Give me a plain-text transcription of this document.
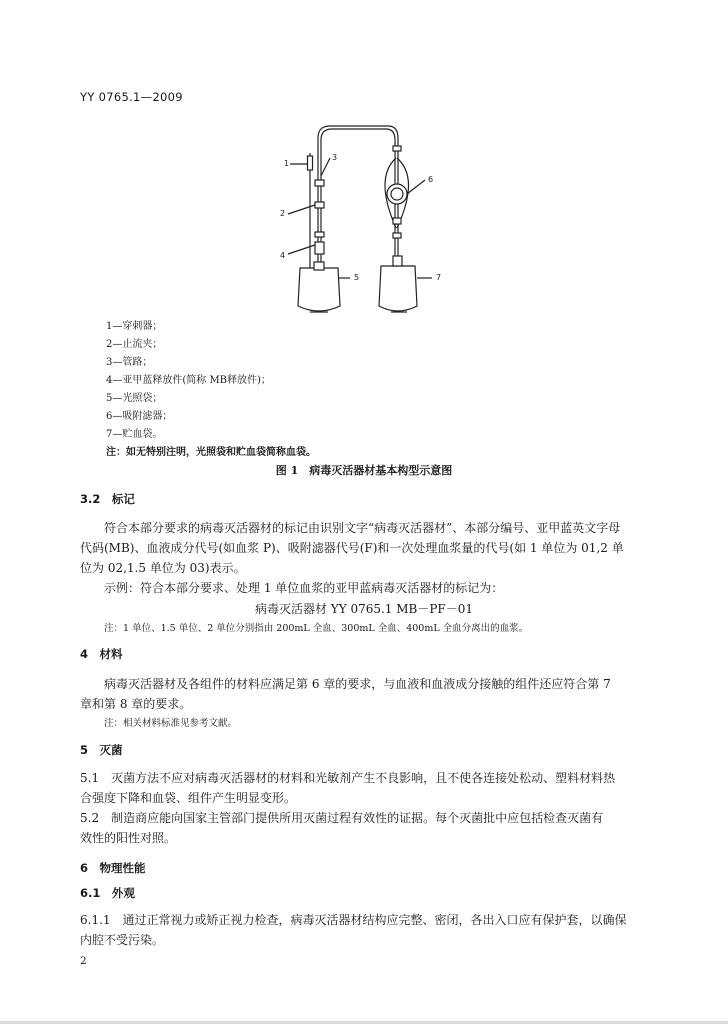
YY 0765.1—2009
1
3
2
4
5
6
7
1—穿刺器；
2—止流夹；
3—管路；
4—亚甲蓝释放件(简称 MB释放件)；
5—光照袋；
6—吸附滤器；
7—贮血袋。
注：如无特别注明，光照袋和贮血袋简称血袋。
图 1　病毒灭活器材基本构型示意图
3.2　标记
符合本部分要求的病毒灭活器材的标记由识别文字“病毒灭活器材”、本部分编号、亚甲蓝英文字母
代码(MB)、血液成分代号(如血浆 P)、吸附滤器代号(F)和一次处理血浆量的代号(如 1 单位为 01,2 单
位为 02,1.5 单位为 03)表示。
示例：符合本部分要求、处理 1 单位血浆的亚甲蓝病毒灭活器材的标记为：
病毒灭活器材 YY 0765.1 MB－PF－01
注：1 单位、1.5 单位、2 单位分别指由 200mL 全血、300mL 全血、400mL 全血分离出的血浆。
4　材料
病毒灭活器材及各组件的材料应满足第 6 章的要求，与血液和血液成分接触的组件还应符合第 7
章和第 8 章的要求。
注：相关材料标准见参考文献。
5　灭菌
5.1　灭菌方法不应对病毒灭活器材的材料和光敏剂产生不良影响，且不使各连接处松动、塑料材料热
合强度下降和血袋、组件产生明显变形。
5.2　制造商应能向国家主管部门提供所用灭菌过程有效性的证据。每个灭菌批中应包括检查灭菌有
效性的阳性对照。
6　物理性能
6.1　外观
6.1.1　通过正常视力或矫正视力检查，病毒灭活器材结构应完整、密闭，各出入口应有保护套，以确保
内腔不受污染。
2
